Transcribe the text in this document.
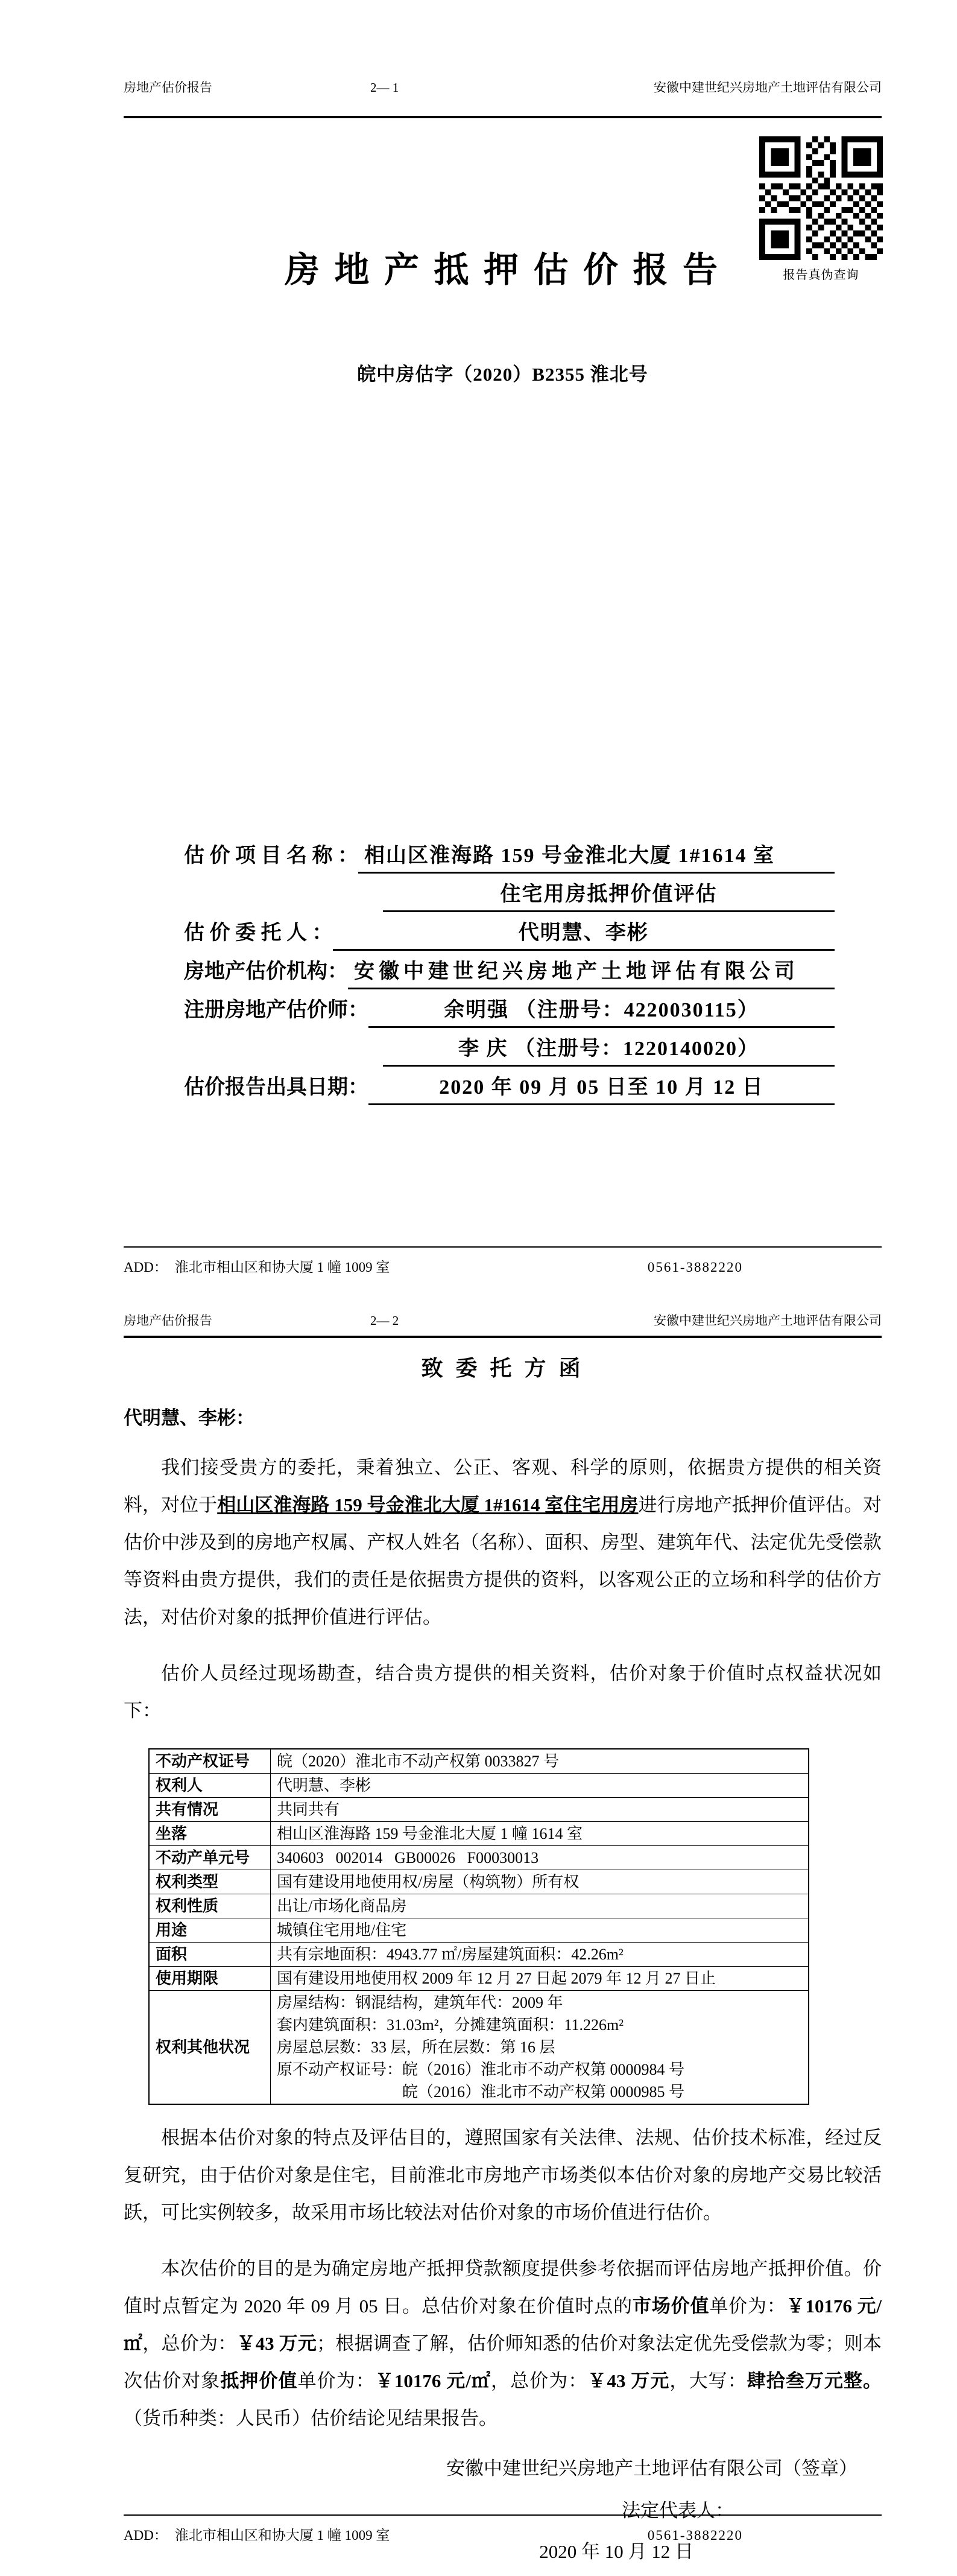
房地产估价报告	2— 1	安徽中建世纪兴房地产土地评估有限公司
房 地 产 抵 押 估 价 报 告
皖中房估字（2020）B2355 淮北号
估 价 项 目 名 称 ： 相山区淮海路 159 号金淮北大厦 1#1614 室
住宅用房抵押价值评估
估 价 委 托 人 ：	代明慧、李彬
房地产估价机构： 安徽中建世纪兴房地产土地评估有限公司
注册房地产估价师：	余明强 （注册号：4220030115）
李 庆 （注册号：1220140020）
估价报告出具日期：	2020 年 09 月 05 日至 10 月 12 日
报告真伪查询
ADD： 淮北市相山区和协大厦 1 幢 1009 室	0561-3882220
房地产估价报告	2— 2	安徽中建世纪兴房地产土地评估有限公司
致 委 托 方 函
代明慧、李彬：

我们接受贵方的委托，秉着独立、公正、客观、科学的原则，依据贵方提供的相关资料，对位于相山区淮海路 159 号金淮北大厦 1#1614 室住宅用房进行房地产抵押价值评估。对估价中涉及到的房地产权属、产权人姓名（名称）、面积、房型、建筑年代、法定优先受偿款等资料由贵方提供，我们的责任是依据贵方提供的资料，以客观公正的立场和科学的估价方法，对估价对象的抵押价值进行评估。

估价人员经过现场勘查，结合贵方提供的相关资料，估价对象于价值时点权益状况如下：

不动产权证号	皖（2020）淮北市不动产权第 0033827 号
权利人	代明慧、李彬
共有情况	共同共有
坐落	相山区淮海路 159 号金淮北大厦 1 幢 1614 室
不动产单元号	340603   002014   GB00026   F00030013
权利类型	国有建设用地使用权/房屋（构筑物）所有权
权利性质	出让/市场化商品房
用途	城镇住宅用地/住宅
面积	共有宗地面积：4943.77 ㎡/房屋建筑面积：42.26m²
使用期限	国有建设用地使用权 2009 年 12 月 27 日起 2079 年 12 月 27 日止
权利其他状况	房屋结构：钢混结构，建筑年代：2009 年
套内建筑面积：31.03m²，分摊建筑面积：11.226m²
房屋总层数：33 层，所在层数：第 16 层
原不动产权证号：皖（2016）淮北市不动产权第 0000984 号
　　　　　　　　皖（2016）淮北市不动产权第 0000985 号

根据本估价对象的特点及评估目的，遵照国家有关法律、法规、估价技术标准，经过反复研究，由于估价对象是住宅，目前淮北市房地产市场类似本估价对象的房地产交易比较活跃，可比实例较多，故采用市场比较法对估价对象的市场价值进行估价。

本次估价的目的是为确定房地产抵押贷款额度提供参考依据而评估房地产抵押价值。价值时点暂定为 2020 年 09 月 05 日。总估价对象在价值时点的市场价值单价为：￥10176 元/㎡，总价为：￥43 万元；根据调查了解，估价师知悉的估价对象法定优先受偿款为零；则本次估价对象抵押价值单价为：￥10176 元/㎡，总价为：￥43 万元，大写：肆拾叁万元整。（货币种类：人民币）估价结论见结果报告。

安徽中建世纪兴房地产土地评估有限公司（签章）
法定代表人：
2020 年 10 月 12 日
ADD： 淮北市相山区和协大厦 1 幢 1009 室	0561-3882220
